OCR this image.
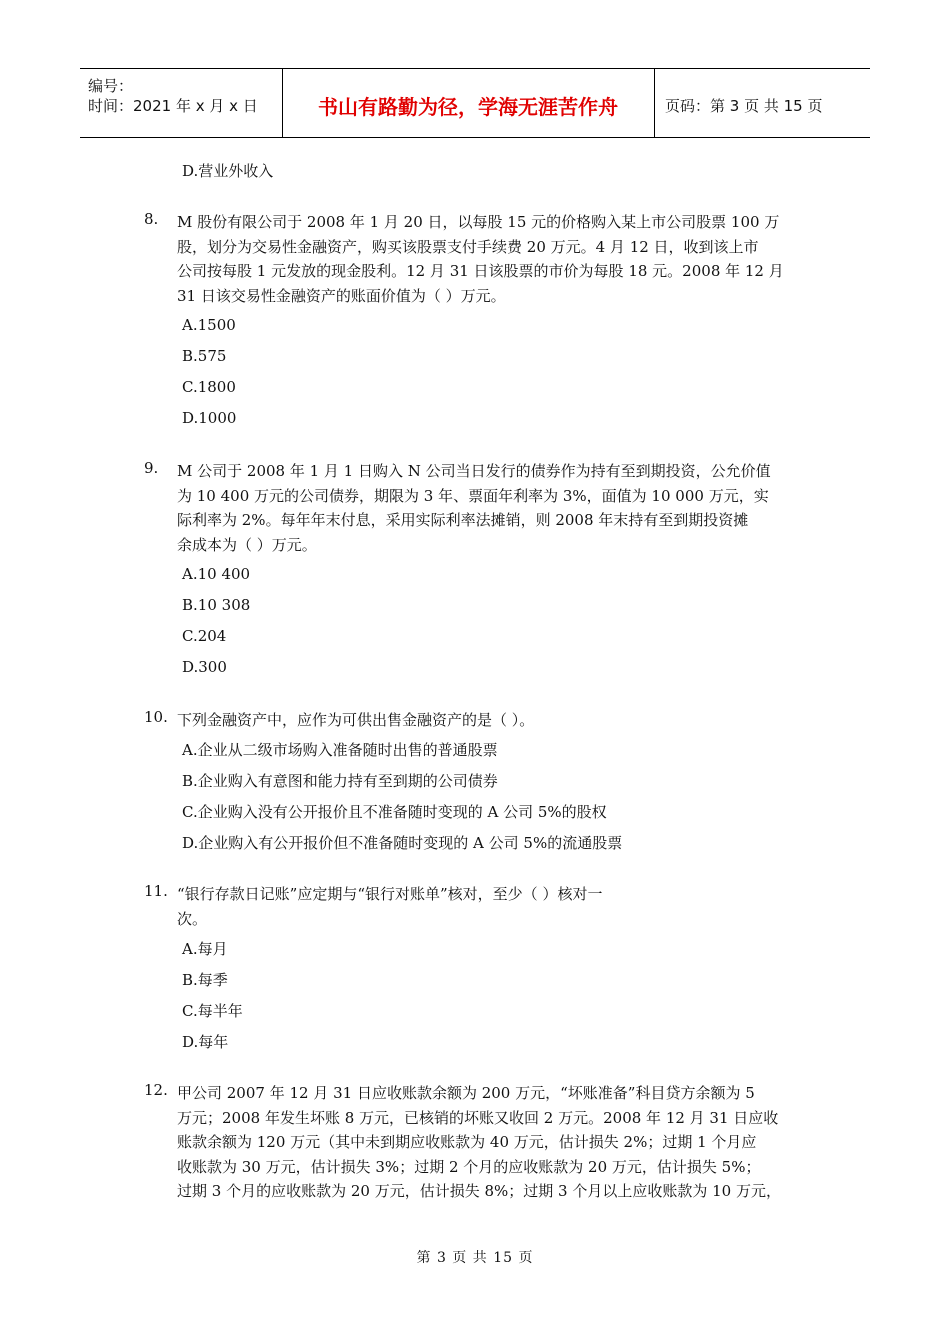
编号：
时间：2021 年 x 月 x 日	书山有路勤为径，学海无涯苦作舟	页码：第 3 页 共 15 页
D.营业外收入
8. M 股份有限公司于 2008 年 1 月 20 日，以每股 15 元的价格购入某上市公司股票 100 万
股，划分为交易性金融资产，购买该股票支付手续费 20 万元。4 月 12 日，收到该上市
公司按每股 1 元发放的现金股利。12 月 31 日该股票的市价为每股 18 元。2008 年 12 月
31 日该交易性金融资产的账面价值为（ ）万元。
A.1500
B.575
C.1800
D.1000
9. M 公司于 2008 年 1 月 1 日购入 N 公司当日发行的债券作为持有至到期投资，公允价值
为 10 400 万元的公司债券，期限为 3 年、票面年利率为 3%，面值为 10 000 万元，实
际利率为 2%。每年年末付息，采用实际利率法摊销，则 2008 年末持有至到期投资摊
余成本为（ ）万元。
A.10 400
B.10 308
C.204
D.300
10. 下列金融资产中，应作为可供出售金融资产的是（ ）。
A.企业从二级市场购入准备随时出售的普通股票
B.企业购入有意图和能力持有至到期的公司债券
C.企业购入没有公开报价且不准备随时变现的 A 公司 5%的股权
D.企业购入有公开报价但不准备随时变现的 A 公司 5%的流通股票
11. “银行存款日记账”应定期与“银行对账单”核对，至少（ ）核对一
次。
A.每月
B.每季
C.每半年
D.每年
12. 甲公司 2007 年 12 月 31 日应收账款余额为 200 万元，“坏账准备”科目贷方余额为 5
万元；2008 年发生坏账 8 万元，已核销的坏账又收回 2 万元。2008 年 12 月 31 日应收
账款余额为 120 万元（其中未到期应收账款为 40 万元，估计损失 2%；过期 1 个月应
收账款为 30 万元，估计损失 3%；过期 2 个月的应收账款为 20 万元，估计损失 5%；
过期 3 个月的应收账款为 20 万元，估计损失 8%；过期 3 个月以上应收账款为 10 万元，
第 3 页 共 15 页
